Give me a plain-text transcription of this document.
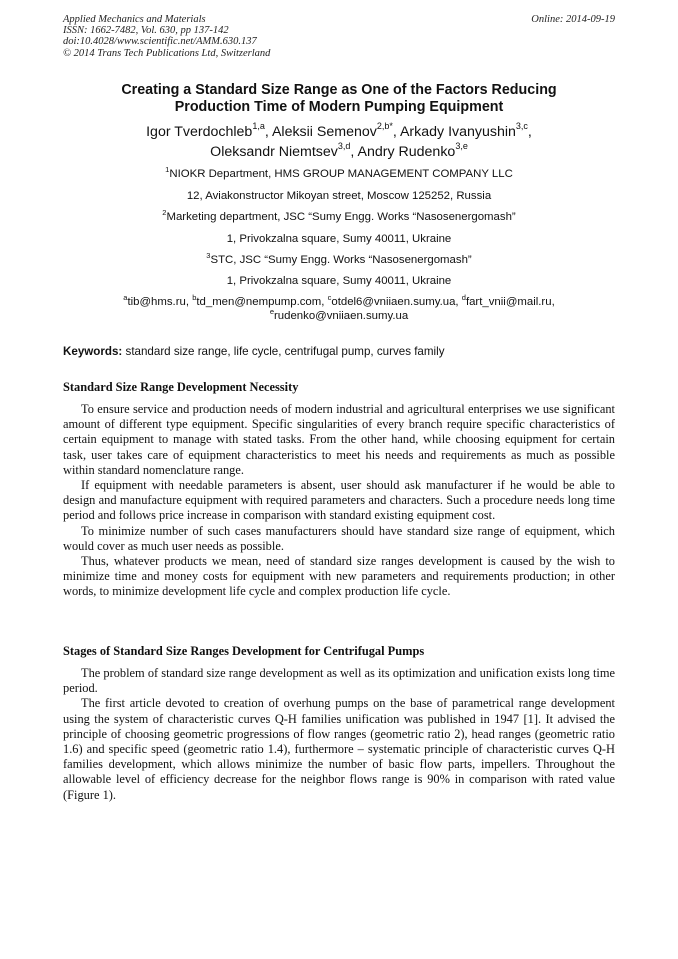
Applied Mechanics and Materials
ISSN: 1662-7482, Vol. 630, pp 137-142
doi:10.4028/www.scientific.net/AMM.630.137
© 2014 Trans Tech Publications Ltd, Switzerland
Online: 2014-09-19
Creating a Standard Size Range as One of the Factors Reducing
Production Time of Modern Pumping Equipment
Igor Tverdochleb$^{1,a}$, Aleksii Semenov$^{2,b*}$, Arkady Ivanyushin$^{3,c}$,
Oleksandr Niemtsev$^{3,d}$, Andry Rudenko$^{3,e}$
$^1$NIOKR Department, HMS GROUP MANAGEMENT COMPANY LLC
12, Aviakonstructor Mikoyan street, Moscow 125252, Russia
$^2$Marketing department, JSC “Sumy Engg. Works “Nasosenergomash”
1, Privokzalna square, Sumy 40011, Ukraine
$^3$STC, JSC “Sumy Engg. Works “Nasosenergomash”
1, Privokzalna square, Sumy 40011, Ukraine
$^a$tib@hms.ru, $^b$td_men@nempump.com, $^c$otdel6@vniiaen.sumy.ua, $^d$fart_vnii@mail.ru,
$^e$rudenko@vniiaen.sumy.ua
Keywords: standard size range, life cycle, centrifugal pump, curves family
Standard Size Range Development Necessity

To ensure service and production needs of modern industrial and agricultural enterprises we use significant amount of different type equipment. Specific singularities of every branch require specific characteristics of certain equipment to manage with stated tasks. From the other hand, while choosing equipment for certain task, user takes care of equipment characteristics to meet his needs and requirements as much as possible within standard nomenclature range.

If equipment with needable parameters is absent, user should ask manufacturer if he would be able to design and manufacture equipment with required parameters and characters. Such a procedure needs long time period and follows price increase in comparison with standard existing equipment cost.

To minimize number of such cases manufacturers should have standard size range of equipment, which would cover as much user needs as possible.

Thus, whatever products we mean, need of standard size ranges development is caused by the wish to minimize time and money costs for equipment with new parameters and requirements production; in other words, to minimize development life cycle and complex production life cycle.

Stages of Standard Size Ranges Development for Centrifugal Pumps

The problem of standard size range development as well as its optimization and unification exists long time period.

The first article devoted to creation of overhung pumps on the base of parametrical range development using the system of characteristic curves Q-H families unification was published in 1947 [1]. It advised the principle of choosing geometric progressions of flow ranges (geometric ratio 2), head ranges (geometric ratio 1.6) and specific speed (geometric ratio 1.4), furthermore – systematic principle of characteristic curves Q-H families development, which allows minimize the number of basic flow parts, impellers. Throughout the allowable level of efficiency decrease for the neighbor flows range is 90% in comparison with rated value (Figure 1).
